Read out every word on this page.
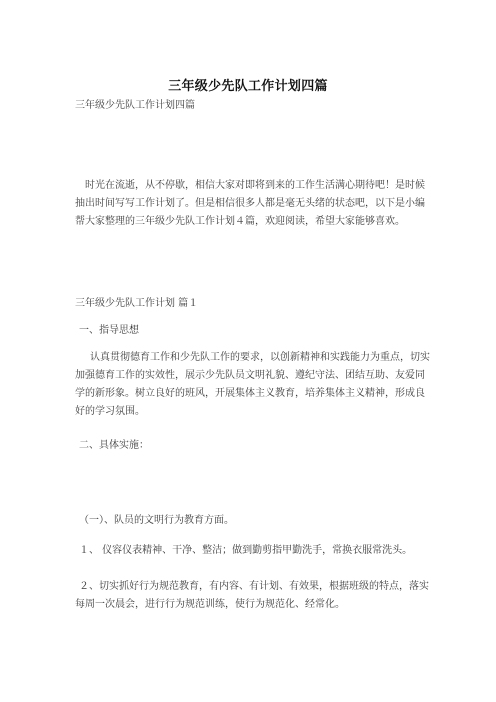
三年级少先队工作计划四篇
三年级少先队工作计划四篇
时光在流逝，从不停歇，相信大家对即将到来的工作生活满心期待吧！是时候
抽出时间写写工作计划了。但是相信很多人都是毫无头绪的状态吧，以下是小编
帮大家整理的三年级少先队工作计划４篇，欢迎阅读，希望大家能够喜欢。
三年级少先队工作计划 篇１
一、指导思想
认真贯彻德育工作和少先队工作的要求，以创新精神和实践能力为重点，切实
加强德育工作的实效性，展示少先队员文明礼貌、遵纪守法、团结互助、友爱同
学的新形象。树立良好的班风，开展集体主义教育，培养集体主义精神，形成良
好的学习氛围。
二、具体实施：
（一）、队员的文明行为教育方面。
１、 仪容仪表精神、干净、整洁；做到勤剪指甲勤洗手，常换衣服常洗头。
２、切实抓好行为规范教育，有内容、有计划、有效果，根据班级的特点，落实
每周一次晨会，进行行为规范训练，使行为规范化、经常化。
